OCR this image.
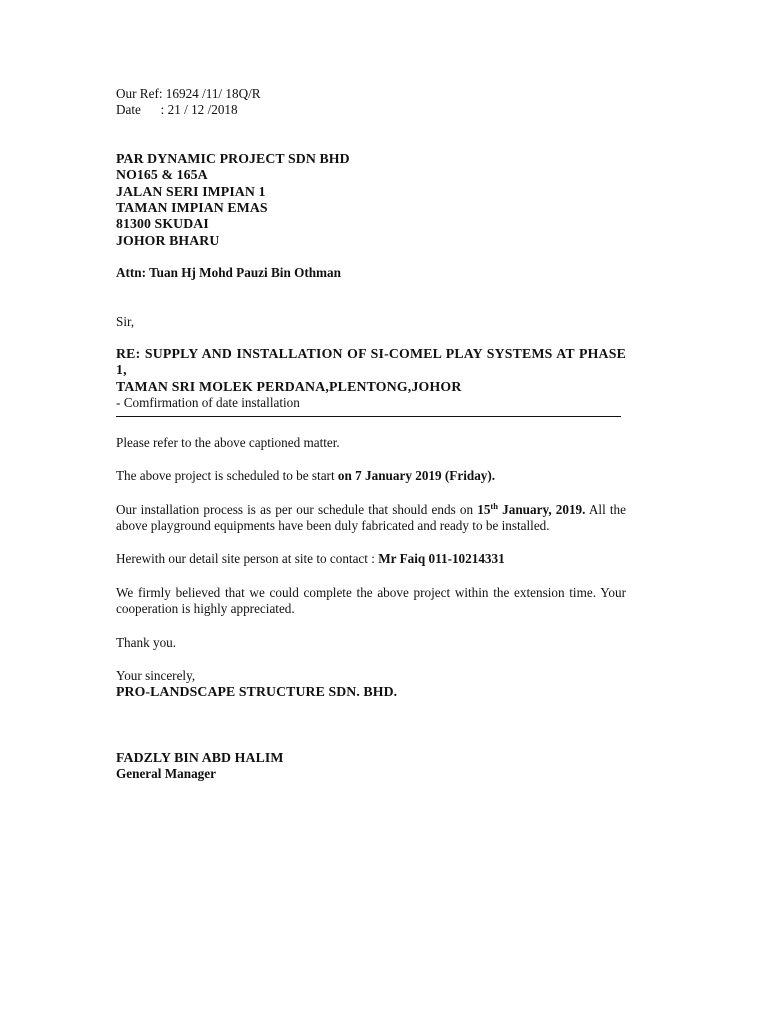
Our Ref: 16924 /11/ 18Q/R
Date      : 21 / 12 /2018
PAR DYNAMIC PROJECT SDN BHD
NO165 & 165A
JALAN SERI IMPIAN 1
TAMAN IMPIAN EMAS
81300 SKUDAI
JOHOR BHARU
Attn: Tuan Hj Mohd Pauzi Bin Othman
Sir,
RE: SUPPLY AND INSTALLATION OF SI-COMEL PLAY SYSTEMS AT PHASE 1,
TAMAN SRI MOLEK PERDANA,PLENTONG,JOHOR
- Comfirmation of date installation
Please refer to the above captioned matter.
The above project is scheduled to be start on 7 January 2019 (Friday).
Our installation process is as per our schedule that should ends on 15th January, 2019. All the above playground equipments have been duly fabricated and ready to be installed.
Herewith our detail site person at site to contact : Mr Faiq 011-10214331
We firmly believed that we could complete the above project within the extension time. Your cooperation is highly appreciated.
Thank you.
Your sincerely,
PRO-LANDSCAPE STRUCTURE SDN. BHD.
FADZLY BIN ABD HALIM
General Manager
